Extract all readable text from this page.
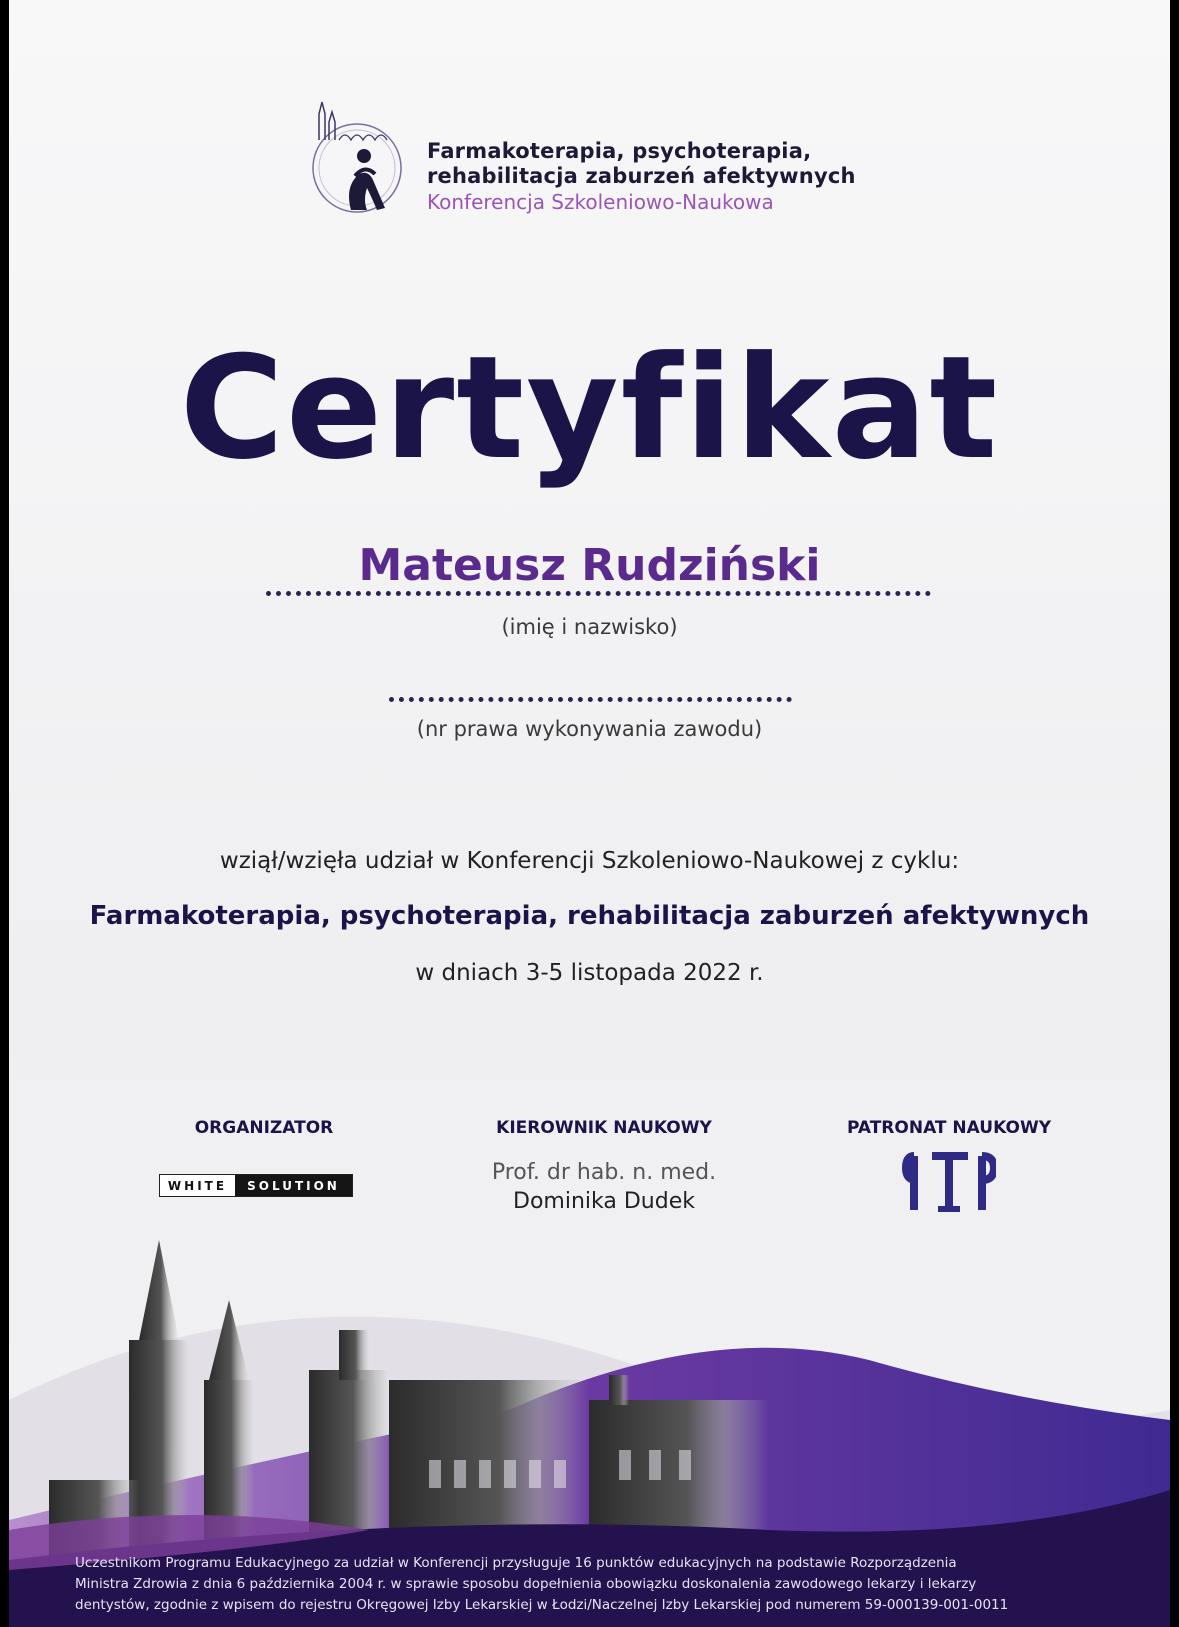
Farmakoterapia, psychoterapia,
rehabilitacja zaburzeń afektywnych
Konferencja Szkoleniowo-Naukowa
Certyfikat
Mateusz Rudziński
(imię i nazwisko)
(nr prawa wykonywania zawodu)
wziął/wzięła udział w Konferencji Szkoleniowo-Naukowej z cyklu:
Farmakoterapia, psychoterapia, rehabilitacja zaburzeń afektywnych
w dniach 3-5 listopada 2022 r.
ORGANIZATOR
WHITE	SOLUTION
KIEROWNIK NAUKOWY
Prof. dr hab. n. med.
Dominika Dudek
PATRONAT NAUKOWY
Uczestnikom Programu Edukacyjnego za udział w Konferencji przysługuje 16 punktów edukacyjnych na podstawie Rozporządzenia
Ministra Zdrowia z dnia 6 października 2004 r. w sprawie sposobu dopełnienia obowiązku doskonalenia zawodowego lekarzy i lekarzy
dentystów, zgodnie z wpisem do rejestru Okręgowej Izby Lekarskiej w Łodzi/Naczelnej Izby Lekarskiej pod numerem 59-000139-001-0011
